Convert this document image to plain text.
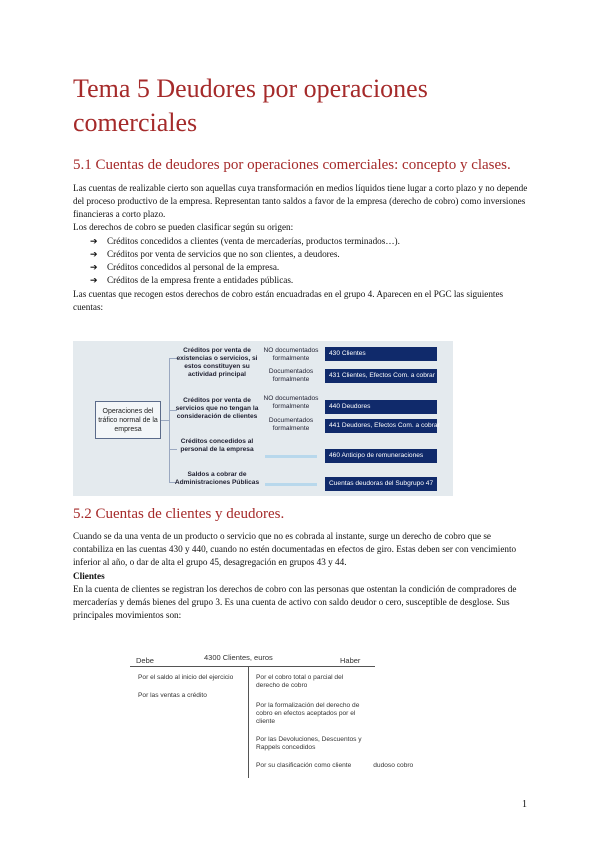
Tema 5 Deudores por operaciones comerciales
5.1 Cuentas de deudores por operaciones comerciales: concepto y clases.

Las cuentas de realizable cierto son aquellas cuya transformación en medios líquidos tiene lugar a corto plazo y no depende del proceso productivo de la empresa. Representan tanto saldos a favor de la empresa (derecho de cobro) como inversiones financieras a corto plazo.

Los derechos de cobro se pueden clasificar según su origen:

➔ Créditos concedidos a clientes (venta de mercaderías, productos terminados…).
➔ Créditos por venta de servicios que no son clientes, a deudores.
➔ Créditos concedidos al personal de la empresa.
➔ Créditos de la empresa frente a entidades públicas.

Las cuentas que recogen estos derechos de cobro están encuadradas en el grupo 4. Aparecen en el PGC las siguientes cuentas:

Operaciones del tráfico normal de la empresa
Créditos por venta de existencias o servicios, si estos constituyen su actividad principal
Créditos por venta de servicios que no tengan la consideración de clientes
Créditos concedidos al personal de la empresa
Saldos a cobrar de Administraciones Públicas
NO documentados formalmente
Documentados formalmente
NO documentados formalmente
Documentados formalmente
430 Clientes
431 Clientes, Efectos Com. a cobrar
440 Deudores
441 Deudores, Efectos Com. a cobrar
460 Anticipo de remuneraciones
Cuentas deudoras del Subgrupo 47
5.2 Cuentas de clientes y deudores.

Cuando se da una venta de un producto o servicio que no es cobrada al instante, surge un derecho de cobro que se contabiliza en las cuentas 430 y 440, cuando no estén documentadas en efectos de giro. Estas deben ser con vencimiento inferior al año, o dar de alta el grupo 45, desagregación en grupos 43 y 44.

Clientes

En la cuenta de clientes se registran los derechos de cobro con las personas que ostentan la condición de compradores de mercaderías y demás bienes del grupo 3. Es una cuenta de activo con saldo deudor o cero, susceptible de desglose. Sus principales movimientos son:

Debe	4300 Clientes, euros	Haber
Por el saldo al inicio del ejercicio
Por las ventas a crédito
Por el cobro total o parcial del derecho de cobro
Por la formalización del derecho de cobro en efectos aceptados por el cliente
Por las Devoluciones, Descuentos y Rappels concedidos
Por su clasificación como cliente            dudoso cobro
1
